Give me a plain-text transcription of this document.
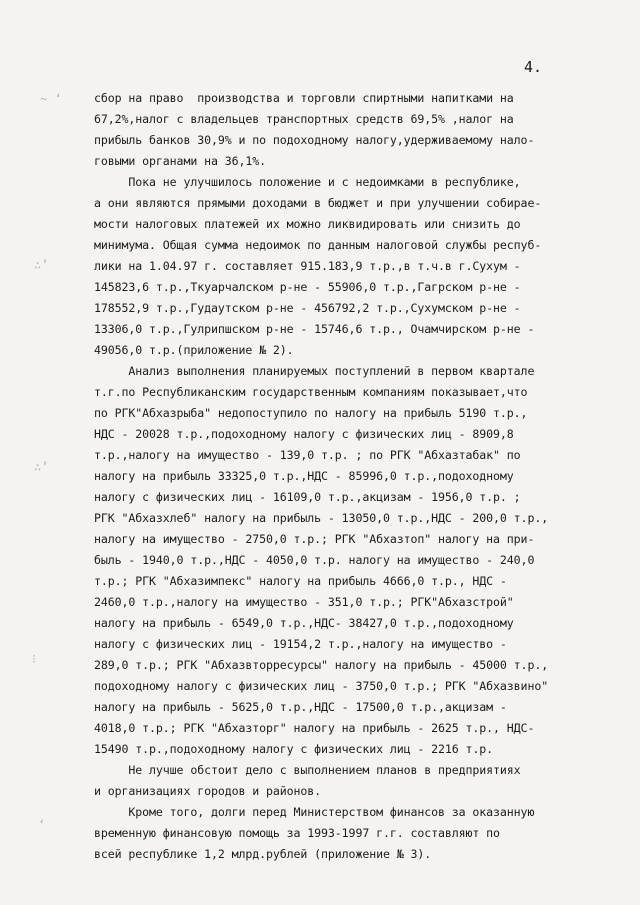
~ ‘
∴’
∴’
⁝
‘
4.
сбор на право  производства и торговли спиртными напитками на
67,2%,налог с владельцев транспортных средств 69,5% ,налог на
прибыль банков 30,9% и по подоходному налогу,удерживаемому нало-
говыми органами на 36,1%.
Пока не улучшилось положение и с недоимками в республике,
а они являются прямыми доходами в бюджет и при улучшении собирае-
мости налоговых платежей их можно ликвидировать или снизить до
минимума. Общая сумма недоимок по данным налоговой службы респуб-
лики на 1.04.97 г. составляет 915.183,9 т.р.,в т.ч.в г.Сухум -
145823,6 т.р.,Ткуарчалском р-не - 55906,0 т.р.,Гагрском р-не -
178552,9 т.р.,Гудаутском р-не - 456792,2 т.р.,Сухумском р-не -
13306,0 т.р.,Гулрипшском р-не - 15746,6 т.р., Очамчирском р-не -
49056,0 т.р.(приложение № 2).
Анализ выполнения планируемых поступлений в первом квартале
т.г.по Республиканским государственным компаниям показывает,что
по РГК"Абхазрыба" недопоступило по налогу на прибыль 5190 т.р.,
НДС - 20028 т.р.,подоходному налогу с физических лиц - 8909,8
т.р.,налогу на имущество - 139,0 т.р. ; по РГК "Абхазтабак" по
налогу на прибыль 33325,0 т.р.,НДС - 85996,0 т.р.,подоходному
налогу с физических лиц - 16109,0 т.р.,акцизам - 1956,0 т.р. ;
РГК "Абхазхлеб" налогу на прибыль - 13050,0 т.р.,НДС - 200,0 т.р.,
налогу на имущество - 2750,0 т.р.; РГК "Абхазтоп" налогу на при-
быль - 1940,0 т.р.,НДС - 4050,0 т.р. налогу на имущество - 240,0
т.р.; РГК "Абхазимпекс" налогу на прибыль 4666,0 т.р., НДС -
2460,0 т.р.,налогу на имущество - 351,0 т.р.; РГК"Абхазстрой"
налогу на прибыль - 6549,0 т.р.,НДС- 38427,0 т.р.,подоходному
налогу с физических лиц - 19154,2 т.р.,налогу на имущество -
289,0 т.р.; РГК "Абхазвторресурсы" налогу на прибыль - 45000 т.р.,
подоходному налогу с физических лиц - 3750,0 т.р.; РГК "Абхазвино"
налогу на прибыль - 5625,0 т.р.,НДС - 17500,0 т.р.,акцизам -
4018,0 т.р.; РГК "Абхазторг" налогу на прибыль - 2625 т.р., НДС-
15490 т.р.,подоходному налогу с физических лиц - 2216 т.р.
Не лучше обстоит дело с выполнением планов в предприятиях
и организациях городов и районов.
Кроме того, долги перед Министерством финансов за оказанную
временную финансовую помощь за 1993-1997 г.г. составляют по
всей республике 1,2 млрд.рублей (приложение № 3).
